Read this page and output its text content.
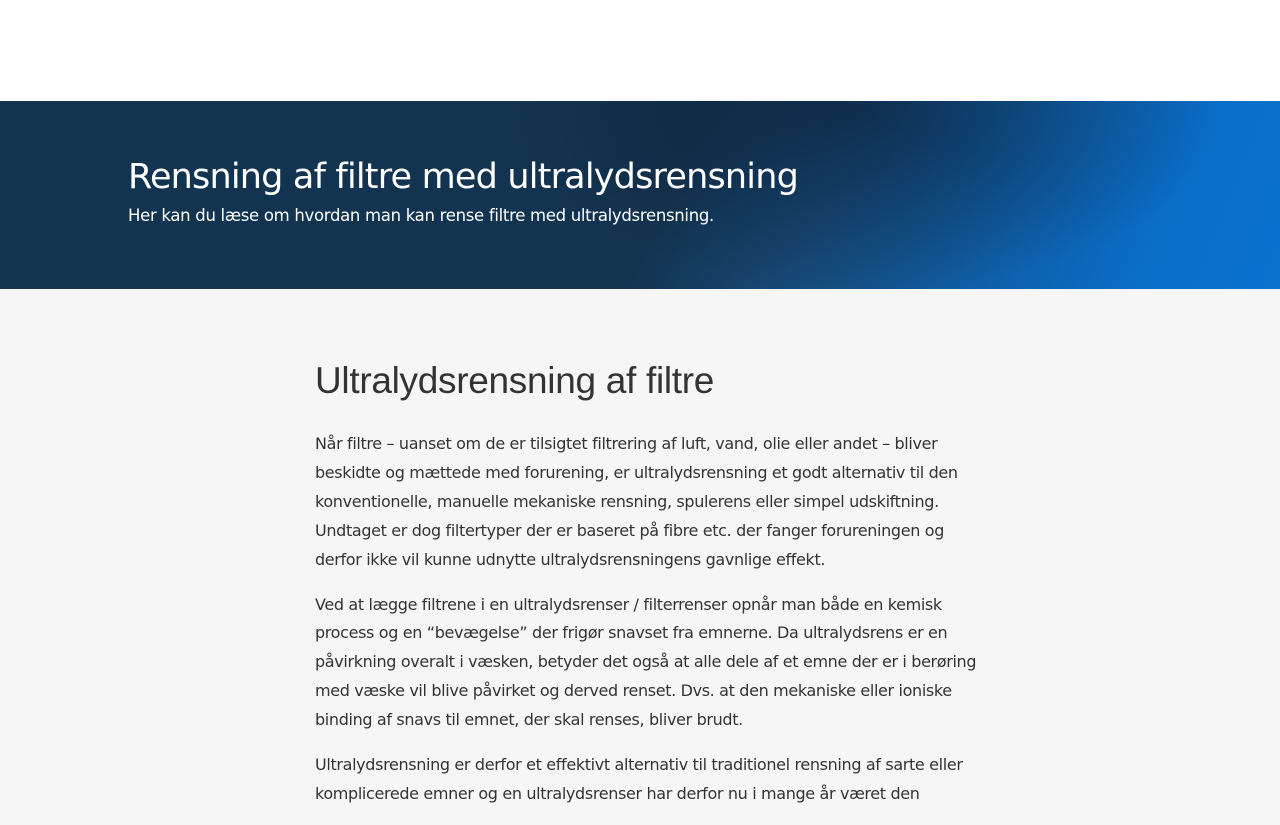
Rensning af filtre med ultralydsrensning
Her kan du læse om hvordan man kan rense filtre med ultralydsrensning.
Ultralydsrensning af filtre

Når filtre – uanset om de er tilsigtet filtrering af luft, vand, olie eller andet – bliver
beskidte og mættede med forurening, er ultralydsrensning et godt alternativ til den
konventionelle, manuelle mekaniske rensning, spulerens eller simpel udskiftning.
Undtaget er dog filtertyper der er baseret på fibre etc. der fanger forureningen og
derfor ikke vil kunne udnytte ultralydsrensningens gavnlige effekt.

Ved at lægge filtrene i en ultralydsrenser / filterrenser opnår man både en kemisk
process og en “bevægelse” der frigør snavset fra emnerne. Da ultralydsrens er en
påvirkning overalt i væsken, betyder det også at alle dele af et emne der er i berøring
med væske vil blive påvirket og derved renset. Dvs. at den mekaniske eller ioniske
binding af snavs til emnet, der skal renses, bliver brudt.

Ultralydsrensning er derfor et effektivt alternativ til traditionel rensning af sarte eller
komplicerede emner og en ultralydsrenser har derfor nu i mange år været den
